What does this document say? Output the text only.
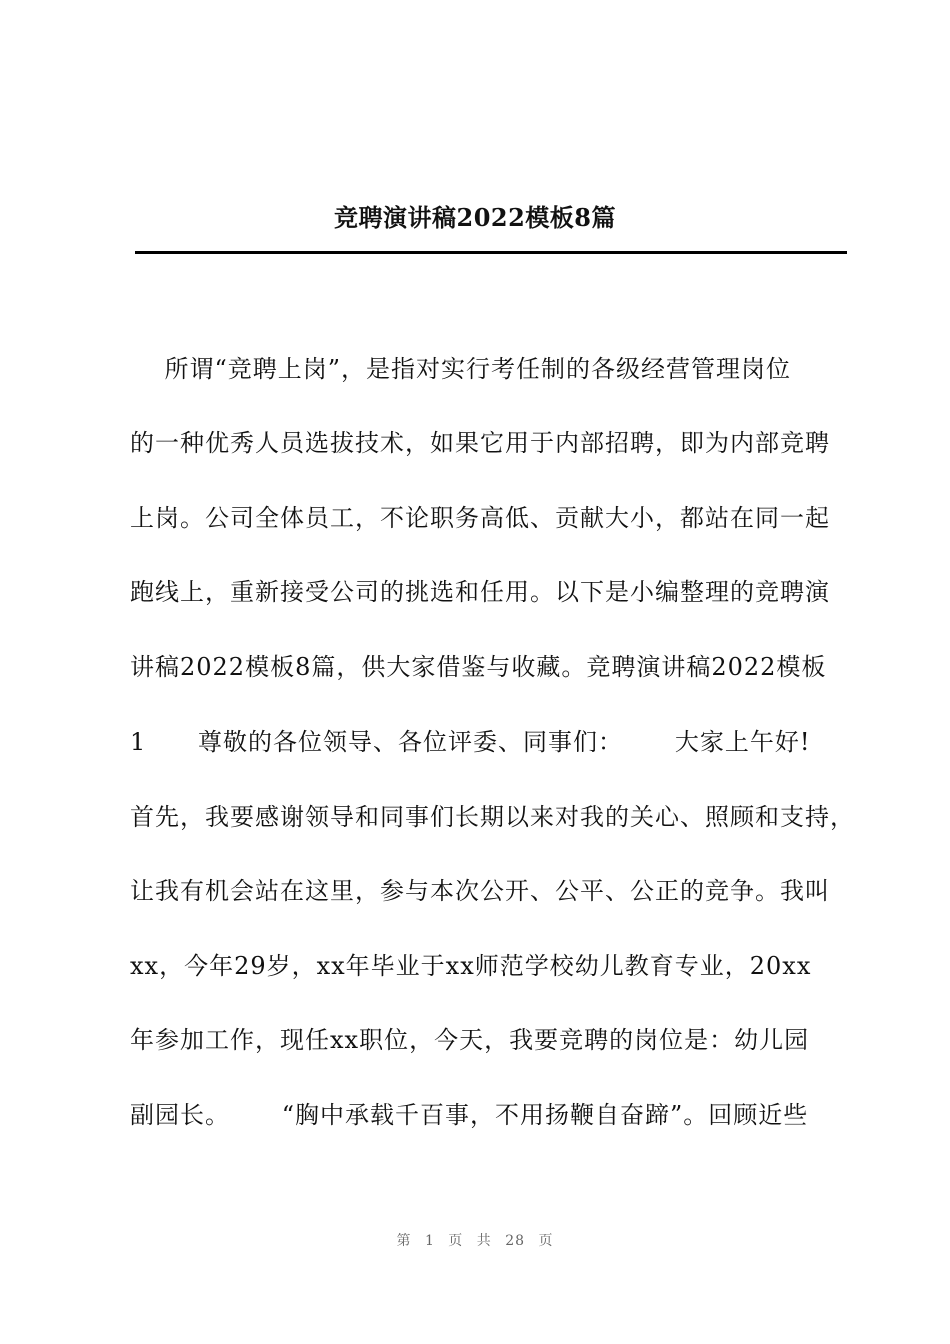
竞聘演讲稿2022模板8篇
所谓“竞聘上岗”，是指对实行考任制的各级经营管理岗位
的一种优秀人员选拔技术，如果它用于内部招聘，即为内部竞聘
上岗。公司全体员工，不论职务高低、贡献大小，都站在同一起
跑线上，重新接受公司的挑选和任用。以下是小编整理的竞聘演
讲稿2022模板8篇，供大家借鉴与收藏。竞聘演讲稿2022模板
1      尊敬的各位领导、各位评委、同事们：      大家上午好!
首先，我要感谢领导和同事们长期以来对我的关心、照顾和支持，
让我有机会站在这里，参与本次公开、公平、公正的竞争。我叫
xx，今年29岁，xx年毕业于xx师范学校幼儿教育专业，20xx
年参加工作，现任xx职位，今天，我要竞聘的岗位是：幼儿园
副园长。      “胸中承载千百事，不用扬鞭自奋蹄”。回顾近些
第 1 页 共 28 页
